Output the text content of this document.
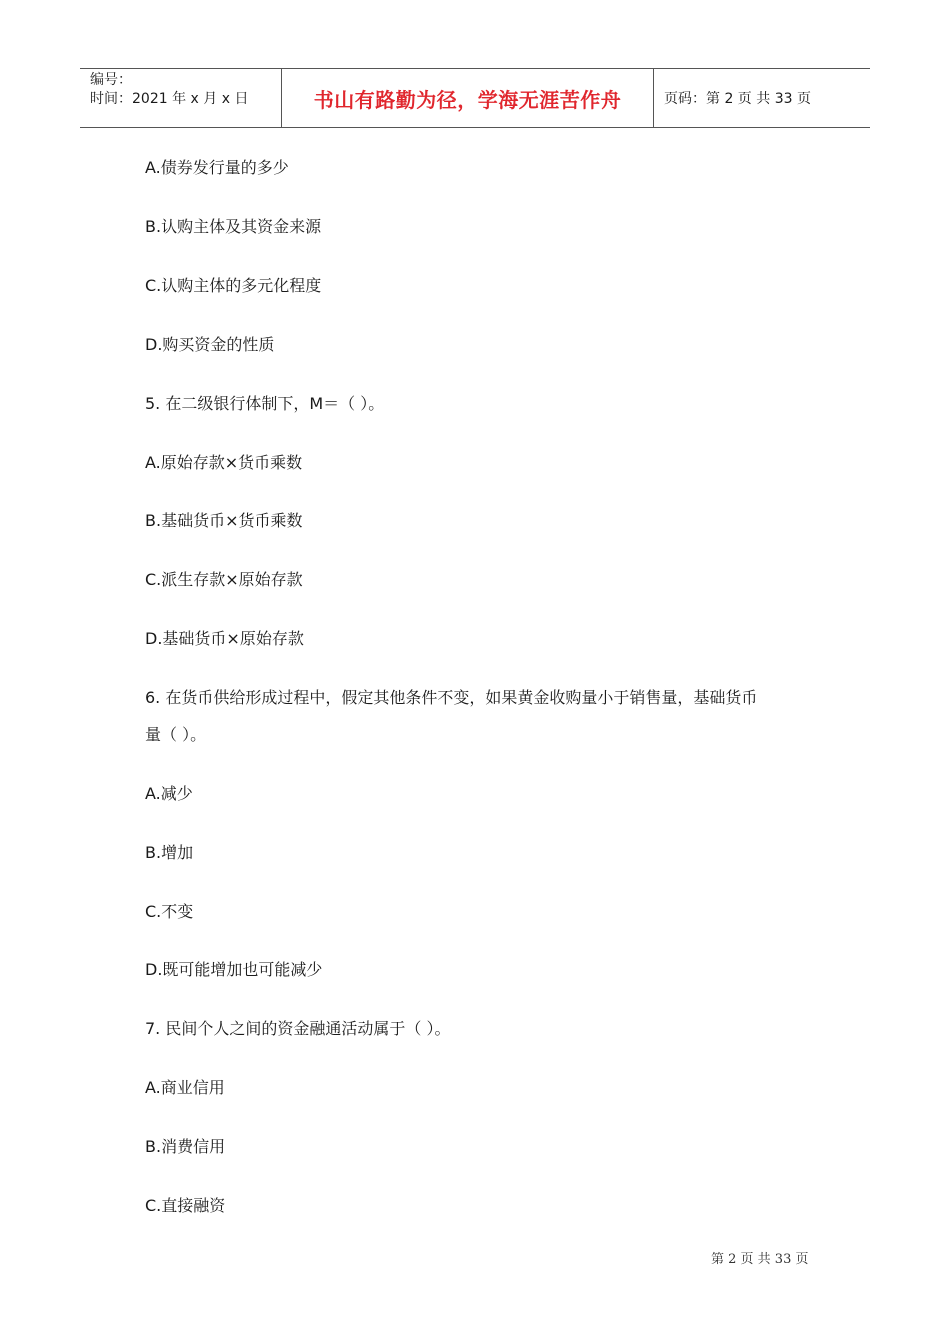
编号：
时间：2021 年 x 月 x 日	书山有路勤为径，学海无涯苦作舟	页码：第 2 页 共 33 页
A.债券发行量的多少
B.认购主体及其资金来源
C.认购主体的多元化程度
D.购买资金的性质
5. 在二级银行体制下，M＝（ ）。
A.原始存款×货币乘数
B.基础货币×货币乘数
C.派生存款×原始存款
D.基础货币×原始存款
6. 在货币供给形成过程中，假定其他条件不变，如果黄金收购量小于销售量，基础货币
量（ ）。
A.减少
B.增加
C.不变
D.既可能增加也可能减少
7. 民间个人之间的资金融通活动属于（ ）。
A.商业信用
B.消费信用
C.直接融资
第 2 页 共 33 页
